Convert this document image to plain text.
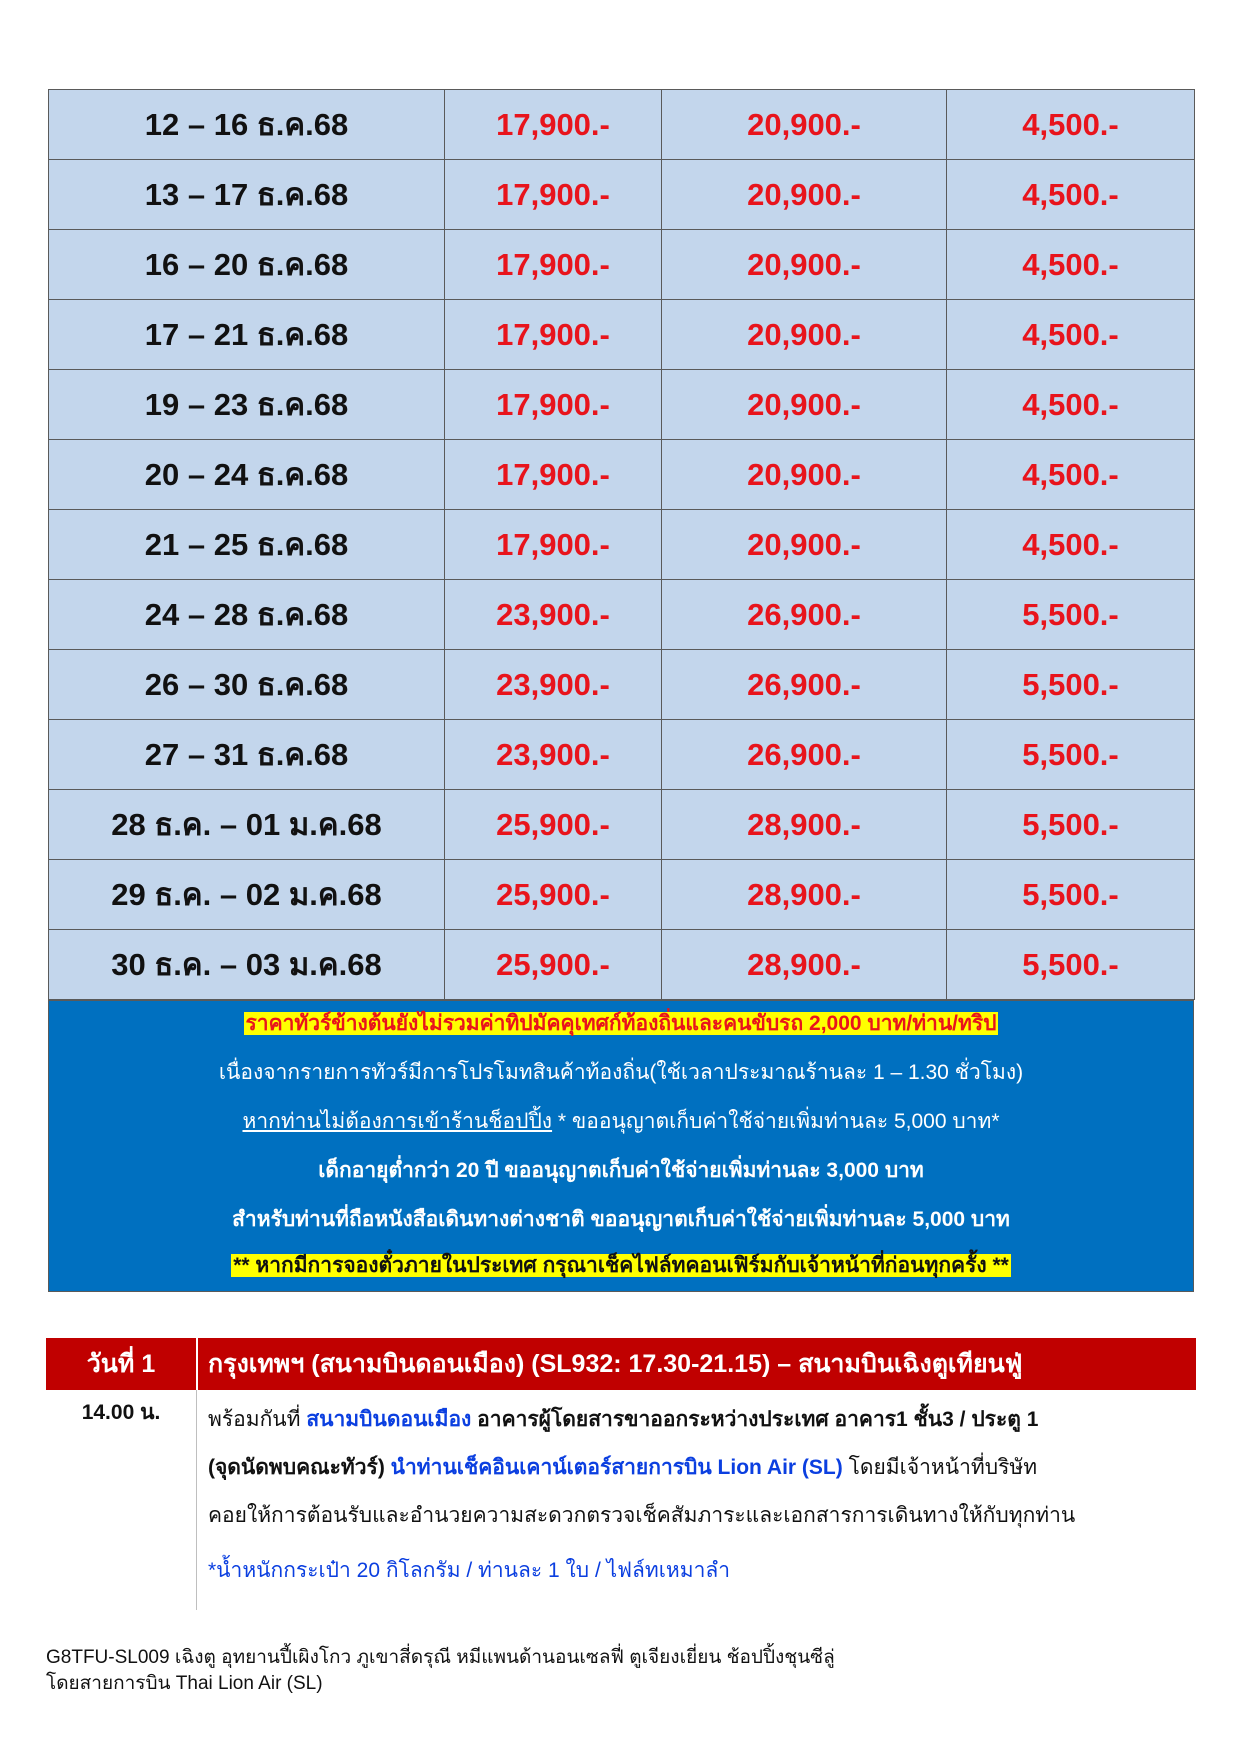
12 – 16 ธ.ค.68	17,900.-	20,900.-	4,500.-
13 – 17 ธ.ค.68	17,900.-	20,900.-	4,500.-
16 – 20 ธ.ค.68	17,900.-	20,900.-	4,500.-
17 – 21 ธ.ค.68	17,900.-	20,900.-	4,500.-
19 – 23 ธ.ค.68	17,900.-	20,900.-	4,500.-
20 – 24 ธ.ค.68	17,900.-	20,900.-	4,500.-
21 – 25 ธ.ค.68	17,900.-	20,900.-	4,500.-
24 – 28 ธ.ค.68	23,900.-	26,900.-	5,500.-
26 – 30 ธ.ค.68	23,900.-	26,900.-	5,500.-
27 – 31 ธ.ค.68	23,900.-	26,900.-	5,500.-
28 ธ.ค. – 01 ม.ค.68	25,900.-	28,900.-	5,500.-
29 ธ.ค. – 02 ม.ค.68	25,900.-	28,900.-	5,500.-
30 ธ.ค. – 03 ม.ค.68	25,900.-	28,900.-	5,500.-
ราคาทัวร์ข้างต้นยังไม่รวมค่าทิปมัคคุเทศก์ท้องถิ่นและคนขับรถ 2,000 บาท/ท่าน/ทริป
เนื่องจากรายการทัวร์มีการโปรโมทสินค้าท้องถิ่น(ใช้เวลาประมาณร้านละ 1 – 1.30 ชั่วโมง)
หากท่านไม่ต้องการเข้าร้านช็อปปิ้ง * ขออนุญาตเก็บค่าใช้จ่ายเพิ่มท่านละ 5,000 บาท*
เด็กอายุต่ำกว่า 20 ปี ขออนุญาตเก็บค่าใช้จ่ายเพิ่มท่านละ 3,000 บาท
สำหรับท่านที่ถือหนังสือเดินทางต่างชาติ ขออนุญาตเก็บค่าใช้จ่ายเพิ่มท่านละ 5,000 บาท
** หากมีการจองตั๋วภายในประเทศ กรุณาเช็คไฟล์ทคอนเฟิร์มกับเจ้าหน้าที่ก่อนทุกครั้ง **
วันที่ 1	กรุงเทพฯ (สนามบินดอนเมือง) (SL932: 17.30-21.15) – สนามบินเฉิงตูเทียนฟู่
14.00 น.	พร้อมกันที่ สนามบินดอนเมือง อาคารผู้โดยสารขาออกระหว่างประเทศ อาคาร1 ชั้น3 / ประตู 1
(จุดนัดพบคณะทัวร์) นำท่านเช็คอินเคาน์เตอร์สายการบิน Lion Air (SL) โดยมีเจ้าหน้าที่บริษัท
คอยให้การต้อนรับและอำนวยความสะดวกตรวจเช็คสัมภาระและเอกสารการเดินทางให้กับทุกท่าน
*น้ำหนักกระเป๋า 20 กิโลกรัม / ท่านละ 1 ใบ / ไฟล์ทเหมาลำ
G8TFU-SL009 เฉิงตู อุทยานปี้เผิงโกว ภูเขาสี่ดรุณี หมีแพนด้านอนเซลฟี่ ตูเจียงเยี่ยน ช้อปปิ้งชุนซีลู่
โดยสายการบิน Thai Lion Air (SL)
